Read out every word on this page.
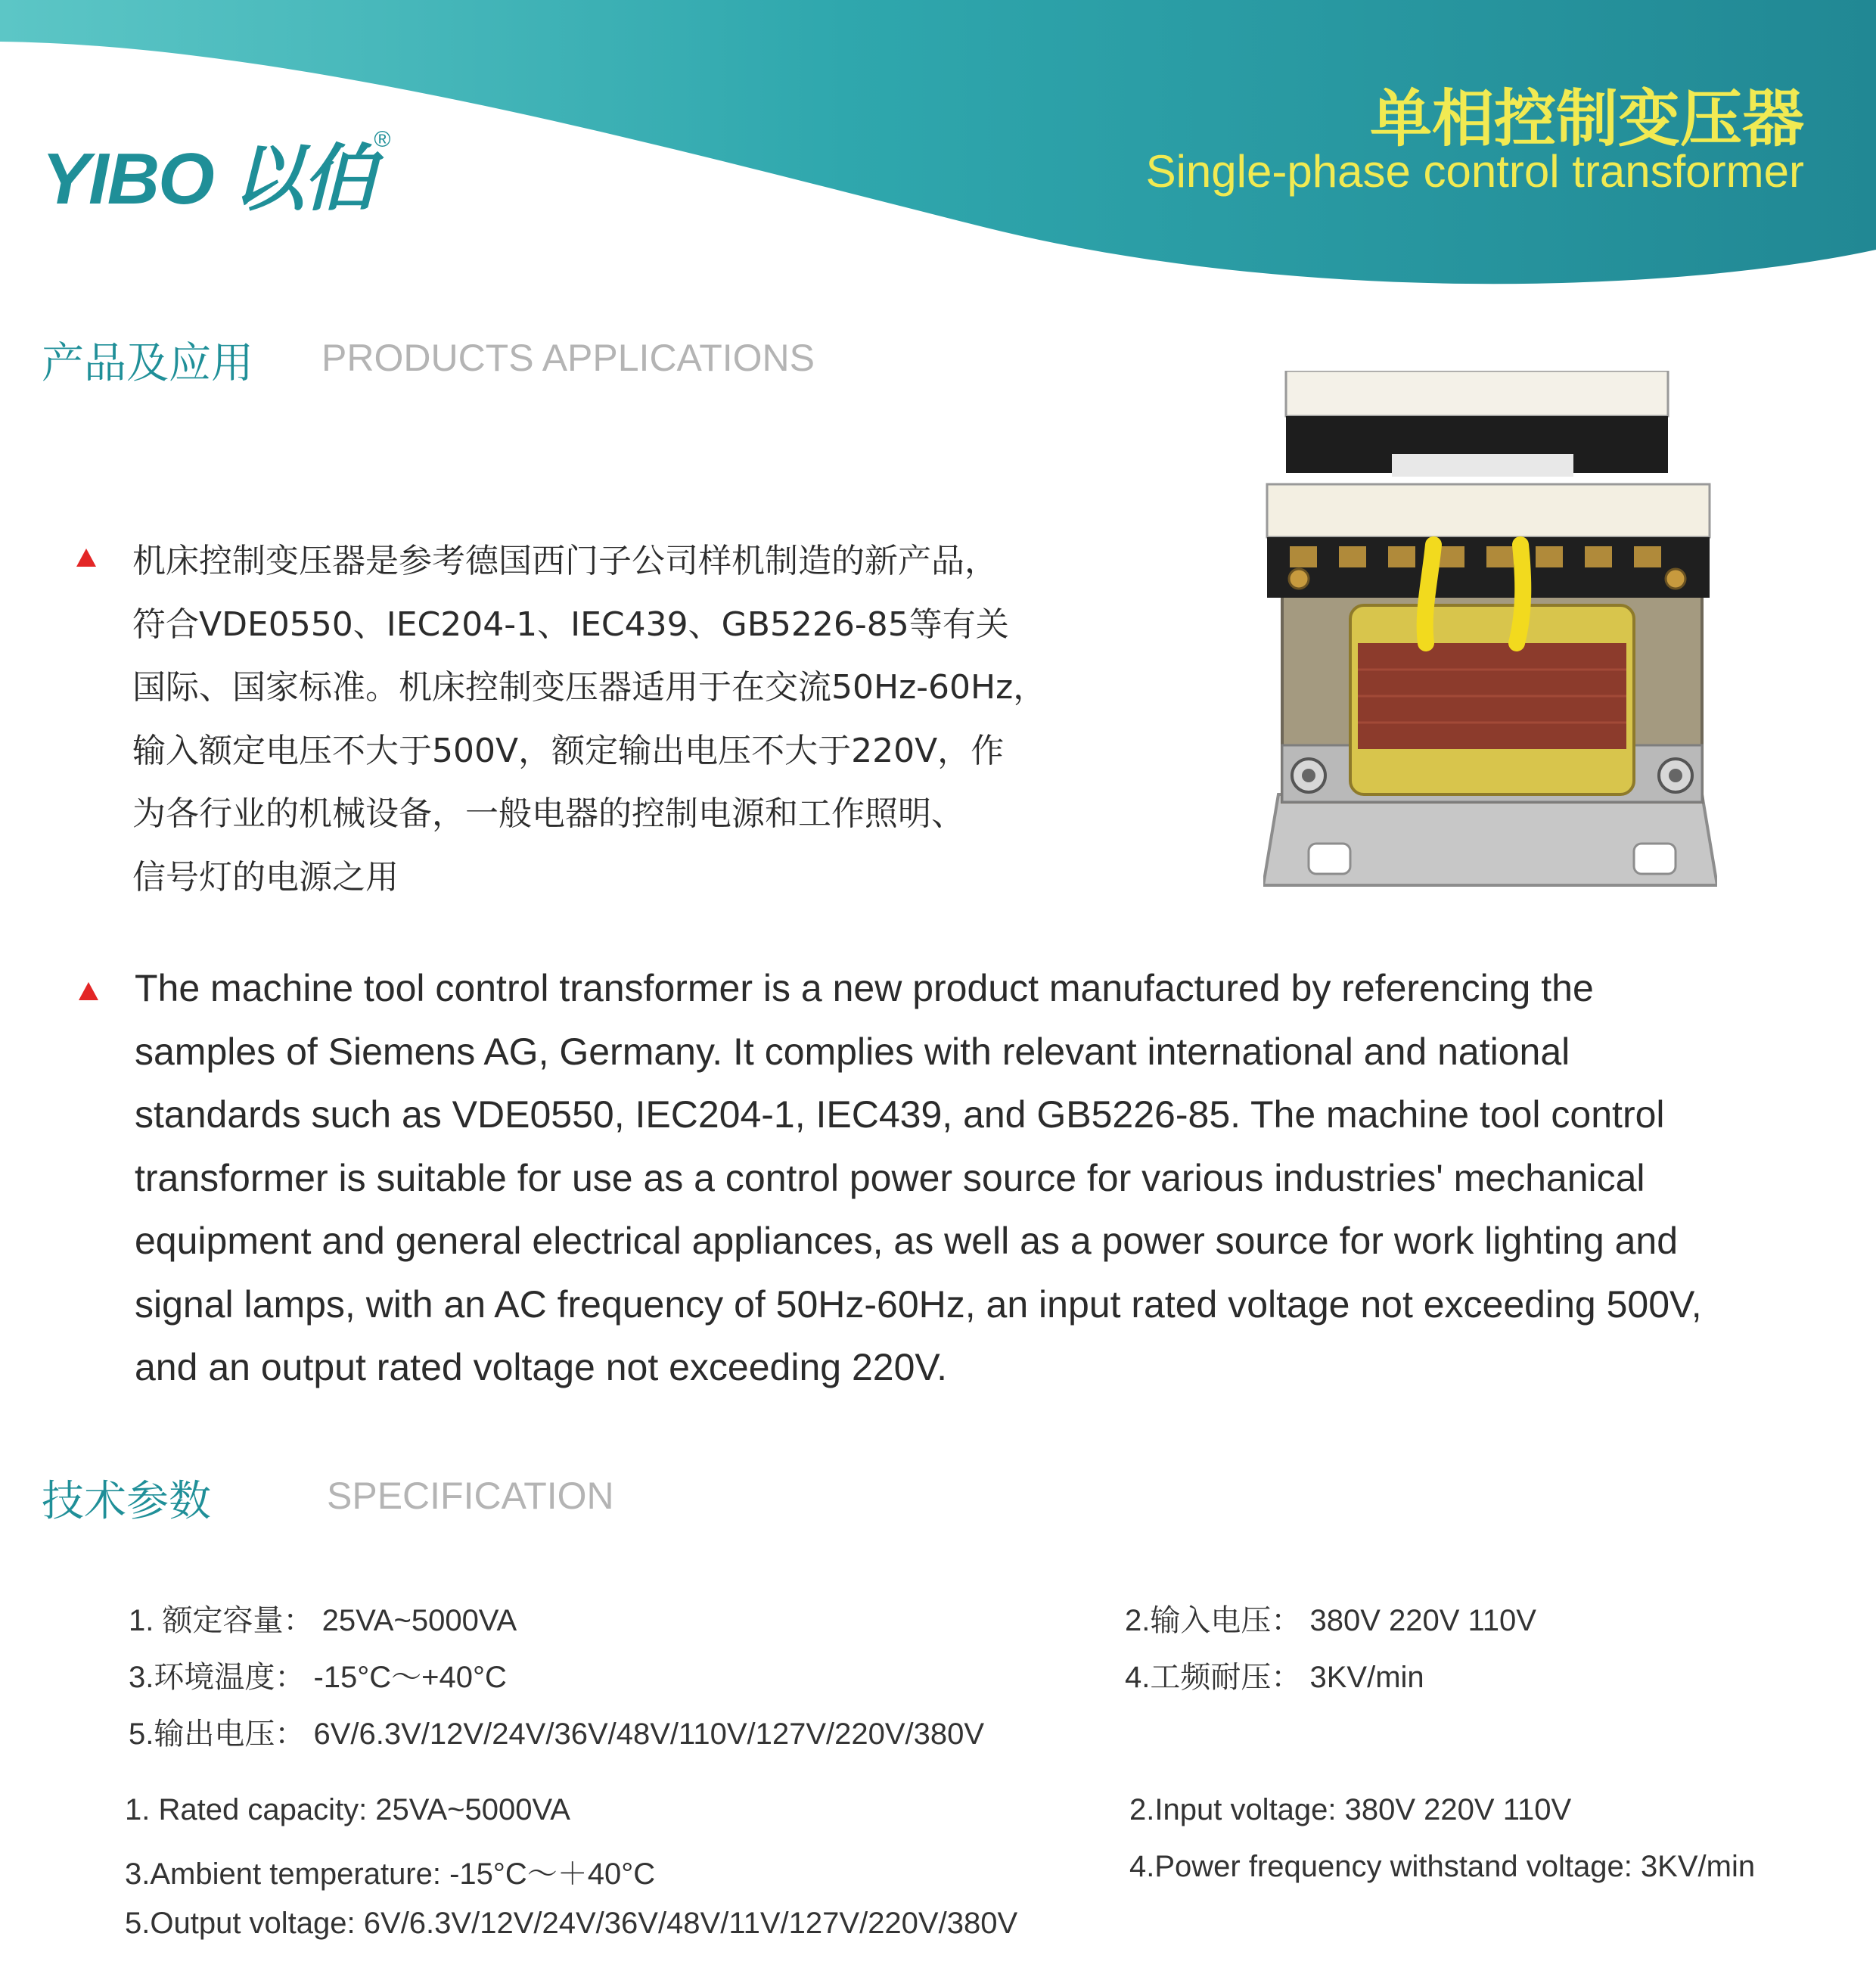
YIBO 以伯®	单相控制变压器
Single-phase control transformer
产品及应用 PRODUCTS APPLICATIONS
机床控制变压器是参考德国西门子公司样机制造的新产品，
符合VDE0550、IEC204-1、IEC439、GB5226-85等有关
国际、国家标准。机床控制变压器适用于在交流50Hz-60Hz，
输入额定电压不大于500V，额定输出电压不大于220V，作
为各行业的机械设备，一般电器的控制电源和工作照明、
信号灯的电源之用
The machine tool control transformer is a new product manufactured by referencing the
samples of Siemens AG, Germany. It complies with relevant international and national
standards such as VDE0550, IEC204-1, IEC439, and GB5226-85. The machine tool control
transformer is suitable for use as a control power source for various industries' mechanical
equipment and general electrical appliances, as well as a power source for work lighting and
signal lamps, with an AC frequency of 50Hz-60Hz, an input rated voltage not exceeding 500V,
and an output rated voltage not exceeding 220V.
技术参数	SPECIFICATION
1. 额定容量： 25VA~5000VA	2.输入电压： 380V 220V 110V
3.环境温度： -15°C～+40°C	4.工频耐压： 3KV/min
5.输出电压： 6V/6.3V/12V/24V/36V/48V/110V/127V/220V/380V
1. Rated capacity: 25VA~5000VA	2.Input voltage: 380V 220V 110V
3.Ambient temperature: -15°C～＋40°C	4.Power frequency withstand voltage: 3KV/min
5.Output voltage: 6V/6.3V/12V/24V/36V/48V/11V/127V/220V/380V
